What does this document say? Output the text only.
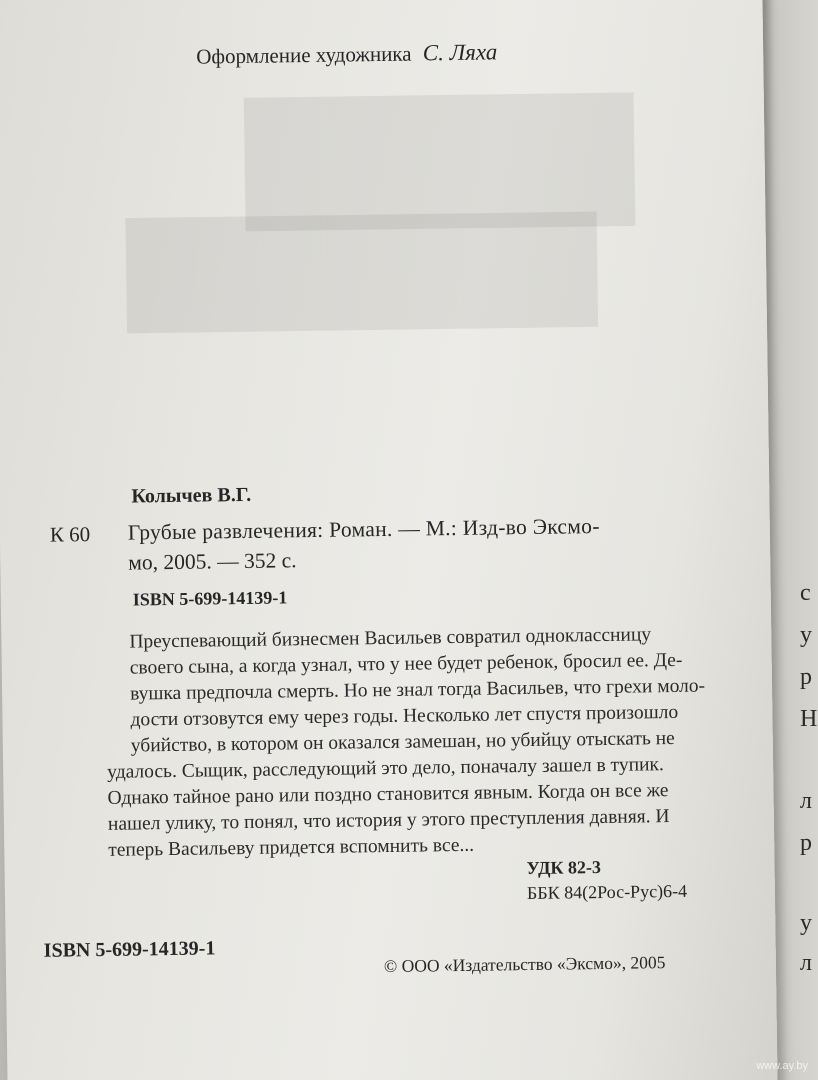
█████
███████
Оформление художника С. Ляха
Колычев В.Г.
К 60 Грубые развлечения: Роман. — М.: Изд-во Эксмо-
мо, 2005. — 352 с.
ISBN 5-699-14139-1
Преуспевающий бизнесмен Васильев совратил одноклассницу
своего сына, а когда узнал, что у нее будет ребенок, бросил ее. Де-
вушка предпочла смерть. Но не знал тогда Васильев, что грехи моло-
дости отзовутся ему через годы. Несколько лет спустя произошло
убийство, в котором он оказался замешан, но убийцу отыскать не
удалось. Сыщик, расследующий это дело, поначалу зашел в тупик.
Однако тайное рано или поздно становится явным. Когда он все же
нашел улику, то понял, что история у этого преступления давняя. И
теперь Васильеву придется вспомнить все...
УДК 82-3
ББК 84(2Рос-Рус)6-4
ISBN 5-699-14139-1
© ООО «Издательство «Эксмо», 2005
с
у
р
Н
л
р
у
л
www.ay.by
